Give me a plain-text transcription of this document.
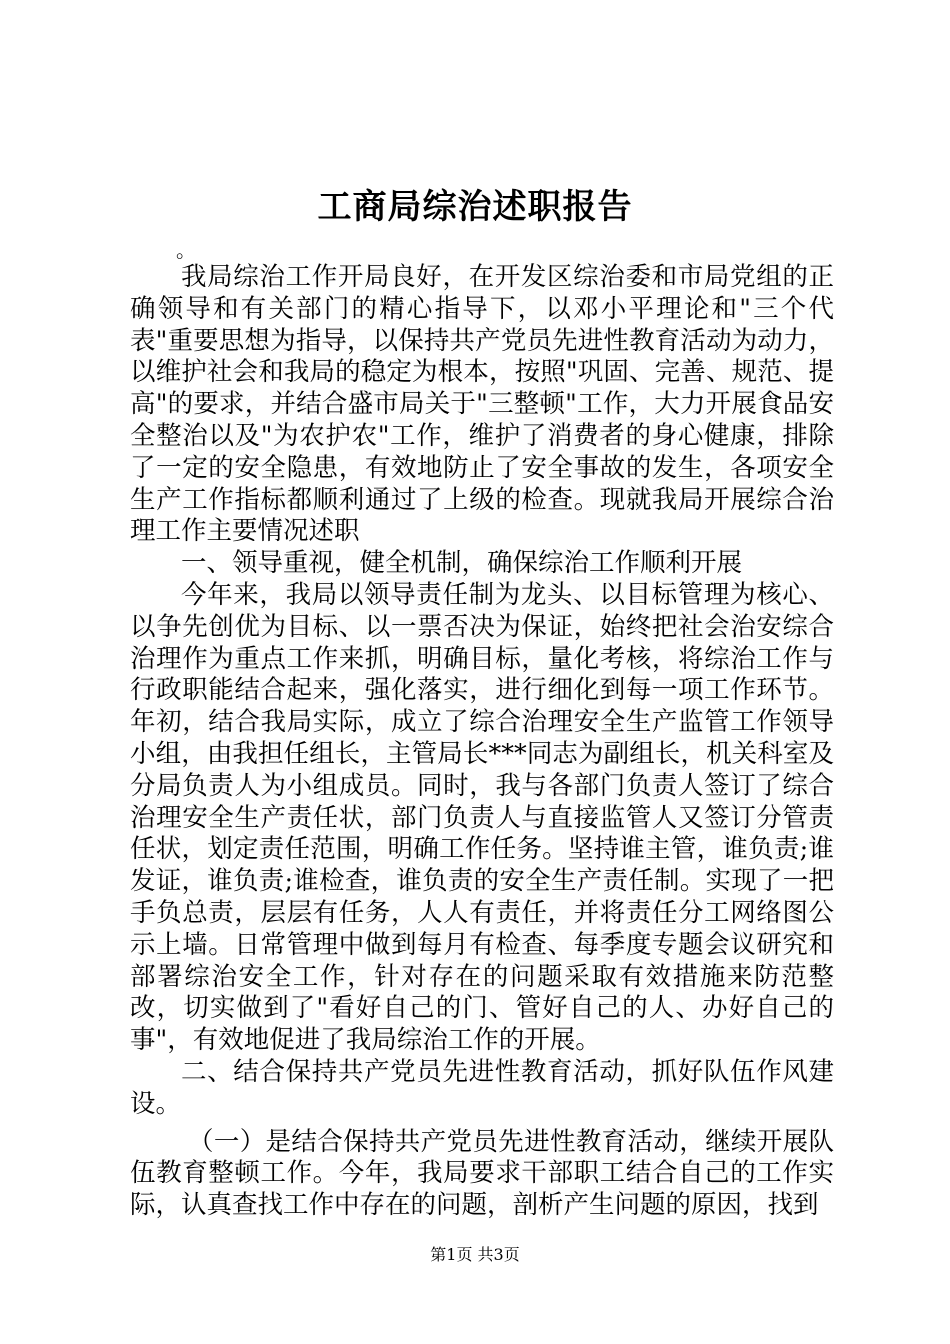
工商局综治述职报告
。

我局综治工作开局良好，在开发区综治委和市局党组的正确领导和有关部门的精心指导下，以邓小平理论和"三个代表"重要思想为指导，以保持共产党员先进性教育活动为动力，以维护社会和我局的稳定为根本，按照"巩固、完善、规范、提高"的要求，并结合盛市局关于"三整顿"工作，大力开展食品安全整治以及"为农护农"工作，维护了消费者的身心健康，排除了一定的安全隐患，有效地防止了安全事故的发生，各项安全生产工作指标都顺利通过了上级的检查。现就我局开展综合治理工作主要情况述职

一、领导重视，健全机制，确保综治工作顺利开展

今年来，我局以领导责任制为龙头、以目标管理为核心、以争先创优为目标、以一票否决为保证，始终把社会治安综合治理作为重点工作来抓，明确目标，量化考核，将综治工作与行政职能结合起来，强化落实，进行细化到每一项工作环节。年初，结合我局实际，成立了综合治理安全生产监管工作领导小组，由我担任组长，主管局长***同志为副组长，机关科室及分局负责人为小组成员。同时，我与各部门负责人签订了综合治理安全生产责任状，部门负责人与直接监管人又签订分管责任状，划定责任范围，明确工作任务。坚持谁主管，谁负责;谁发证，谁负责;谁检查，谁负责的安全生产责任制。实现了一把手负总责，层层有任务，人人有责任，并将责任分工网络图公示上墙。日常管理中做到每月有检查、每季度专题会议研究和部署综治安全工作，针对存在的问题采取有效措施来防范整改，切实做到了"看好自己的门、管好自己的人、办好自己的事"，有效地促进了我局综治工作的开展。

二、结合保持共产党员先进性教育活动，抓好队伍作风建设。

（一）是结合保持共产党员先进性教育活动，继续开展队伍教育整顿工作。今年，我局要求干部职工结合自己的工作实际，认真查找工作中存在的问题，剖析产生问题的原因，找到

第1页 共3页
